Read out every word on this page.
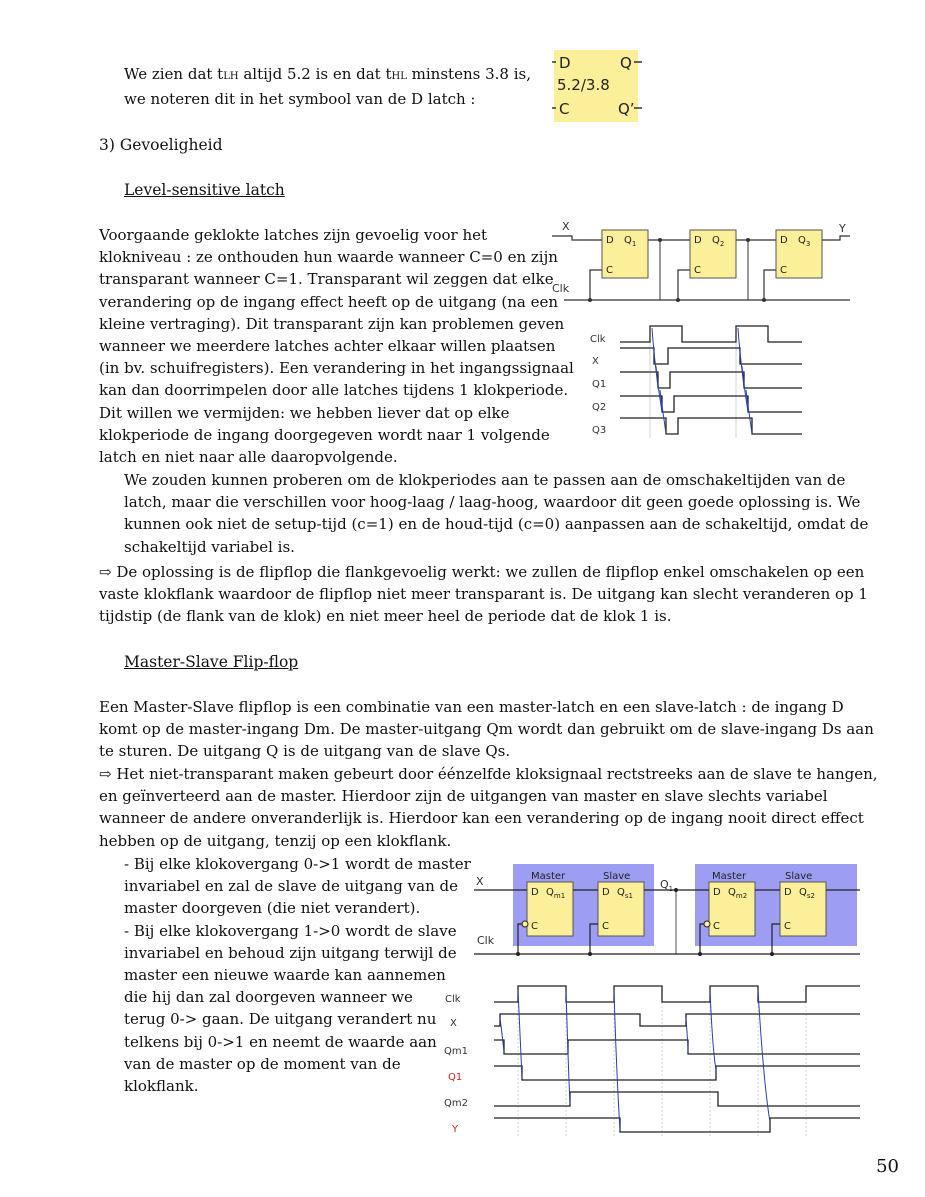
We zien dat tLH altijd 5.2 is en dat tHL minstens 3.8 is,
we noteren dit in het symbool van de D latch :
D	Q
5.2/3.8
C	Q’
3) Gevoeligheid
Level-sensitive latch
Voorgaande geklokte latches zijn gevoelig voor het
klokniveau : ze onthouden hun waarde wanneer C=0 en zijn
transparant wanneer C=1. Transparant wil zeggen dat elke
verandering op de ingang effect heeft op de uitgang (na een
kleine vertraging). Dit transparant zijn kan problemen geven
wanneer we meerdere latches achter elkaar willen plaatsen
(in bv. schuifregisters). Een verandering in het ingangssignaal
kan dan doorrimpelen door alle latches tijdens 1 klokperiode.
Dit willen we vermijden: we hebben liever dat op elke
klokperiode de ingang doorgegeven wordt naar 1 volgende
latch en niet naar alle daaropvolgende.
X	Y
Clk
D $Q_1$
C
D $Q_2$
C
D $Q_3$
C
Clk
X
Q1
Q2
Q3
We zouden kunnen proberen om de klokperiodes aan te passen aan de omschakeltijden van de
latch, maar die verschillen voor hoog-laag / laag-hoog, waardoor dit geen goede oplossing is. We
kunnen ook niet de setup-tijd (c=1) en de houd-tijd (c=0) aanpassen aan de schakeltijd, omdat de
schakeltijd variabel is.
⇨ De oplossing is de flipflop die flankgevoelig werkt: we zullen de flipflop enkel omschakelen op een
vaste klokflank waardoor de flipflop niet meer transparant is. De uitgang kan slecht veranderen op 1
tijdstip (de flank van de klok) en niet meer heel de periode dat de klok 1 is.
Master-Slave Flip-flop
Een Master-Slave flipflop is een combinatie van een master-latch en een slave-latch : de ingang D
komt op de master-ingang Dm. De master-uitgang Qm wordt dan gebruikt om de slave-ingang Ds aan
te sturen. De uitgang Q is de uitgang van de slave Qs.
⇨ Het niet-transparant maken gebeurt door éénzelfde kloksignaal rectstreeks aan de slave te hangen,
en geïnverteerd aan de master. Hierdoor zijn de uitgangen van master en slave slechts variabel
wanneer de andere onveranderlijk is. Hierdoor kan een verandering op de ingang nooit direct effect
hebben op de uitgang, tenzij op een klokflank.
- Bij elke klokovergang 0->1 wordt de master
invariabel en zal de slave de uitgang van de
master doorgeven (die niet verandert).
- Bij elke klokovergang 1->0 wordt de slave
invariabel en behoud zijn uitgang terwijl de
master een nieuwe waarde kan aannemen
die hij dan zal doorgeven wanneer we
terug 0-> gaan. De uitgang verandert nu
telkens bij 0->1 en neemt de waarde aan
van de master op de moment van de
klokflank.
X	$Q_1$
Clk
Master	Slave	Master	Slave
D $Q_{m1}$
C
D $Q_{s1}$
C
D $Q_{m2}$
C
D $Q_{s2}$
C
Clk
X
Qm1
Q1
Qm2
Y
50
